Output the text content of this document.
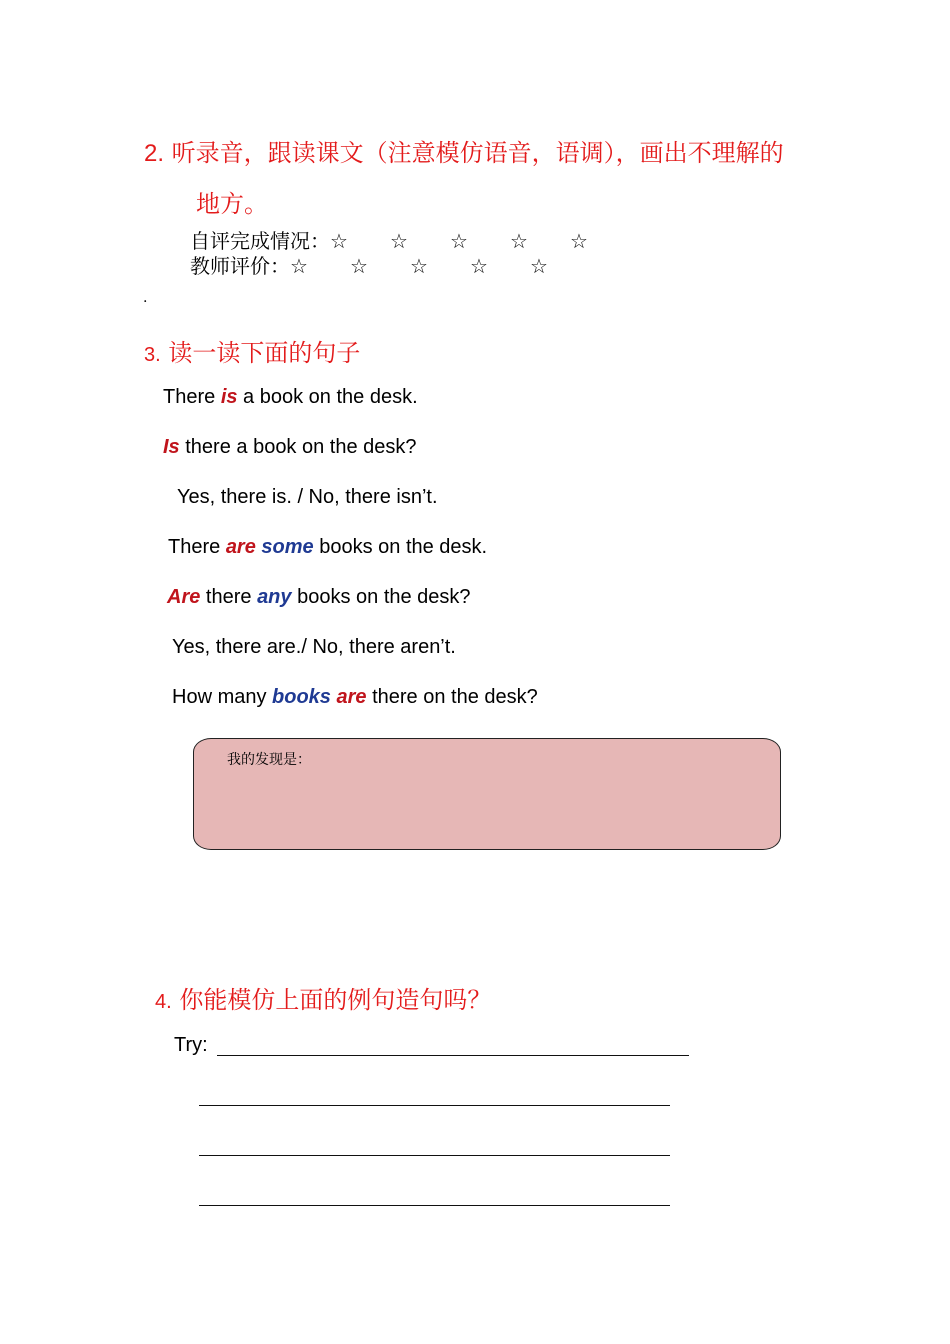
2. 听录音，跟读课文（注意模仿语音，语调），画出不理解的
地方。
自评完成情况：☆ ☆ ☆ ☆ ☆
教师评价：☆ ☆ ☆ ☆ ☆
.
3. 读一读下面的句子
There is a book on the desk.
Is there a book on the desk?
Yes, there is. / No, there isn’t.
There are some books on the desk.
Are there any books on the desk?
Yes, there are./ No, there aren’t.
How many books are there on the desk?
我的发现是：
4. 你能模仿上面的例句造句吗？
Try:
